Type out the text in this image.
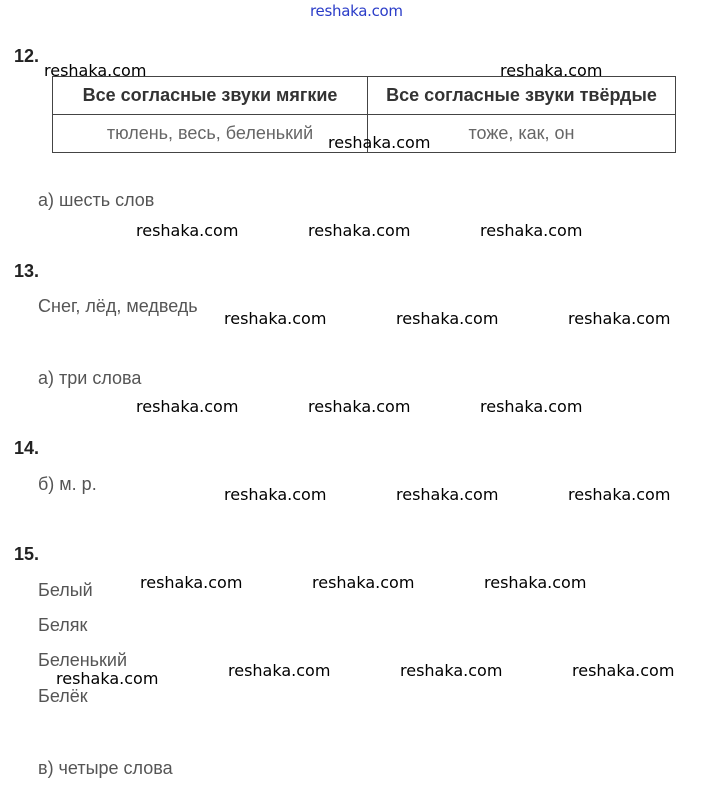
reshaka.com
12.
Все согласные звуки мягкие	Все согласные звуки твёрдые
тюлень, весь, беленький	тоже, как, он
а) шесть слов
13.
Снег, лёд, медведь
а) три слова
14.
б) м. р.
15.
Белый
Беляк
Беленький
Белёк
в) четыре слова
reshaka.com	reshaka.com
reshaka.com
reshaka.com	reshaka.com	reshaka.com
reshaka.com	reshaka.com	reshaka.com
reshaka.com	reshaka.com	reshaka.com
reshaka.com	reshaka.com	reshaka.com
reshaka.com	reshaka.com	reshaka.com
reshaka.com	reshaka.com	reshaka.com
reshaka.com
